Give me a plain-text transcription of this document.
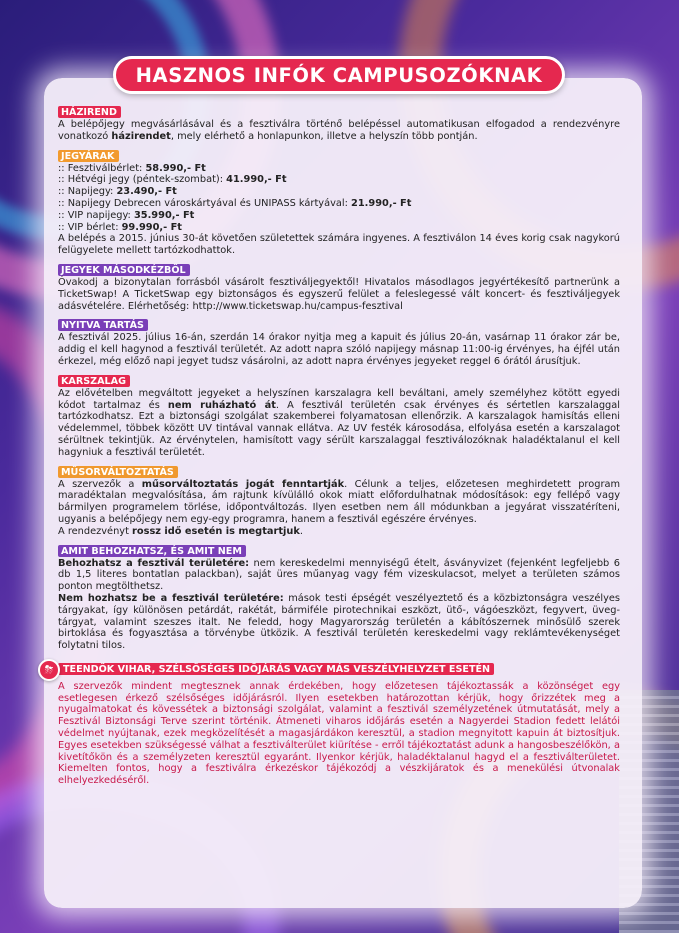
HASZNOS INFÓK CAMPUSOZÓKNAK
HÁZIREND

A belépőjegy megvásárlásával és a fesztiválra történő belépéssel automatikusan elfogadod a rendezvényre vonatkozó házirendet, mely elérhető a honlapunkon, illetve a helyszín több pontján.

JEGYÁRAK
:: Fesztiválbérlet: 58.990,- Ft
:: Hétvégi jegy (péntek-szombat): 41.990,- Ft
:: Napijegy: 23.490,- Ft
:: Napijegy Debrecen városkártyával és UNIPASS kártyával: 21.990,- Ft
:: VIP napijegy: 35.990,- Ft
:: VIP bérlet: 99.990,- Ft

A belépés a 2015. június 30-át követően születettek számára ingyenes. A fesztiválon 14 éves korig csak nagykorú felügyelete mellett tartózkodhattok.

JEGYEK MÁSODKÉZBŐL

Óvakodj a bizonytalan forrásból vásárolt fesztiváljegyektől! Hivatalos másodlagos jegyértékesítő partnerünk a TicketSwap! A TicketSwap egy biztonságos és egyszerű felület a feleslegessé vált koncert- és fesztiváljegyek adásvételére. Elérhetőség: http://www.ticketswap.hu/campus-fesztival

NYITVA TARTÁS

A fesztivál 2025. július 16-án, szerdán 14 órakor nyitja meg a kapuit és július 20-án, vasárnap 11 órakor zár be, addig el kell hagynod a fesztivál területét. Az adott napra szóló napijegy másnap 11:00-ig érvényes, ha éjfél után érkezel, még előző napi jegyet tudsz vásárolni, az adott napra érvényes jegyeket reggel 6 órától árusítjuk.

KARSZALAG

Az elővételben megváltott jegyeket a helyszínen karszalagra kell beváltani, amely személyhez kötött egyedi kódot tartalmaz és nem ruházható át. A fesztivál területén csak érvényes és sértetlen karszalaggal tartózkodhatsz. Ezt a biztonsági szolgálat szakemberei folyamatosan ellenőrzik. A karszalagok hamisítás elleni védelemmel, többek között UV tintával vannak ellátva. Az UV festék károsodása, elfolyása esetén a karszalagot sérültnek tekintjük. Az érvénytelen, hamisított vagy sérült karszalaggal fesztiválozóknak haladéktalanul el kell hagyniuk a fesztivál területét.

MŰSORVÁLTOZTATÁS

A szervezők a műsorváltoztatás jogát fenntartják. Célunk a teljes, előzetesen meghirdetett program maradéktalan megvalósítása, ám rajtunk kívülálló okok miatt előfordulhatnak módosítások: egy fellépő vagy bármilyen programelem törlése, időpontváltozás. Ilyen esetben nem áll módunkban a jegyárat visszatéríteni, ugyanis a belépőjegy nem egy-egy programra, hanem a fesztivál egészére érvényes.

A rendezvényt rossz idő esetén is megtartjuk.

AMIT BEHOZHATSZ, ÉS AMIT NEM

Behozhatsz a fesztivál területére: nem kereskedelmi mennyiségű ételt, ásványvizet (fejenként legfeljebb 6 db 1,5 literes bontatlan palackban), saját üres műanyag vagy fém vizeskulacsot, melyet a területen számos ponton megtölthetsz.

Nem hozhatsz be a fesztivál területére: mások testi épségét veszélyeztető és a közbiztonságra veszélyes tárgyakat, így különösen petárdát, rakétát, bármiféle pirotechnikai eszközt, ütő-, vágóeszközt, fegyvert, üvegtárgyat, valamint szeszes italt. Ne feledd, hogy Magyarország területén a kábítószernek minősülő szerek birtoklása és fogyasztása a törvénybe ütközik. A fesztivál területén kereskedelmi vagy reklámtevékenységet folytatni tilos.

⛈ TEENDŐK VIHAR, SZÉLSŐSÉGES IDŐJÁRÁS VAGY MÁS VESZÉLYHELYZET ESETÉN

A szervezők mindent megtesznek annak érdekében, hogy előzetesen tájékoztassák a közönséget egy esetlegesen érkező szélsőséges időjárásról. Ilyen esetekben határozottan kérjük, hogy őrizzétek meg a nyugalmatokat és kövessétek a biztonsági szolgálat, valamint a fesztivál személyzetének útmutatását, mely a Fesztivál Biztonsági Terve szerint történik. Átmeneti viharos időjárás esetén a Nagyerdei Stadion fedett lelátói védelmet nyújtanak, ezek megközelítését a magasjárdákon keresztül, a stadion megnyitott kapuin át biztosítjuk. Egyes esetekben szükségessé válhat a fesztiválterület kiürítése - erről tájékoztatást adunk a hangosbeszélőkön, a kivetítőkön és a személyzeten keresztül egyaránt. Ilyenkor kérjük, haladéktalanul hagyd el a fesztiválterületet. Kiemelten fontos, hogy a fesztiválra érkezéskor tájékozódj a vészkijáratok és a menekülési útvonalak elhelyezkedéséről.
